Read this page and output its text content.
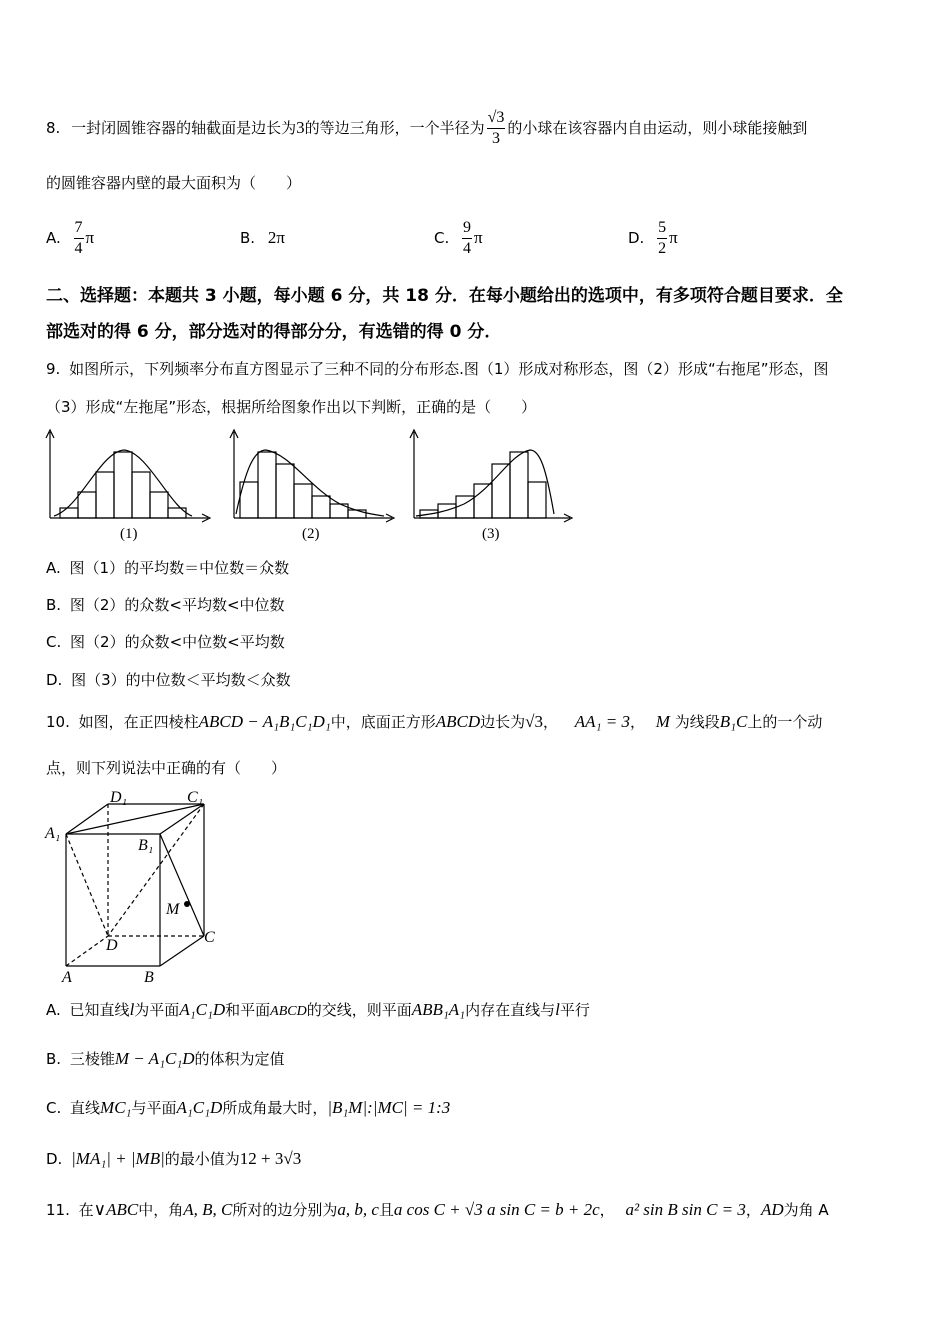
8. 一封闭圆锥容器的轴截面是边长为3的等边三角形，一个半径为 $\frac{√3}{3}$ 的小球在该容器内自由运动，则小球能接触到
的圆锥容器内壁的最大面积为（　　）
A. $\frac{7}{4}$ π	B. 2π	C. $\frac{9}{4}$ π	D. $\frac{5}{2}$ π
二、选择题：本题共 3 小题，每小题 6 分，共 18 分．在每小题给出的选项中，有多项符合题目要求．全
部选对的得 6 分，部分选对的得部分分，有选错的得 0 分．
9. 如图所示，下列频率分布直方图显示了三种不同的分布形态.图（1）形成对称形态，图（2）形成“右拖尾”形态，图
（3）形成“左拖尾”形态，根据所给图象作出以下判断，正确的是（　　）
(1)	(2)	(3)
A. 图（1）的平均数＝中位数＝众数
B. 图（2）的众数<平均数<中位数
C. 图（2）的众数<中位数<平均数
D. 图（3）的中位数＜平均数＜众数
10. 如图，在正四棱柱ABCD − A₁B₁C₁D₁中，底面正方形ABCD边长为√3， AA₁ = 3， M 为线段B₁C上的一个动
点，则下列说法中正确的有（　　）
D₁	C₁
A₁
B₁
M
D	C
A	B
A. 已知直线l为平面A₁C₁D和平面ABCD的交线，则平面ABB₁A₁内存在直线与l平行
B. 三棱锥M − A₁C₁D的体积为定值
C. 直线MC₁与平面A₁C₁D所成角最大时，|B₁M|:|MC| = 1:3
D. |MA₁| + |MB|的最小值为12 + 3√3
11. 在∨ABC中，角A, B, C所对的边分别为a, b, c且a cos C + √3 a sin C = b + 2c， a² sin B sin C = 3，AD为角 A
